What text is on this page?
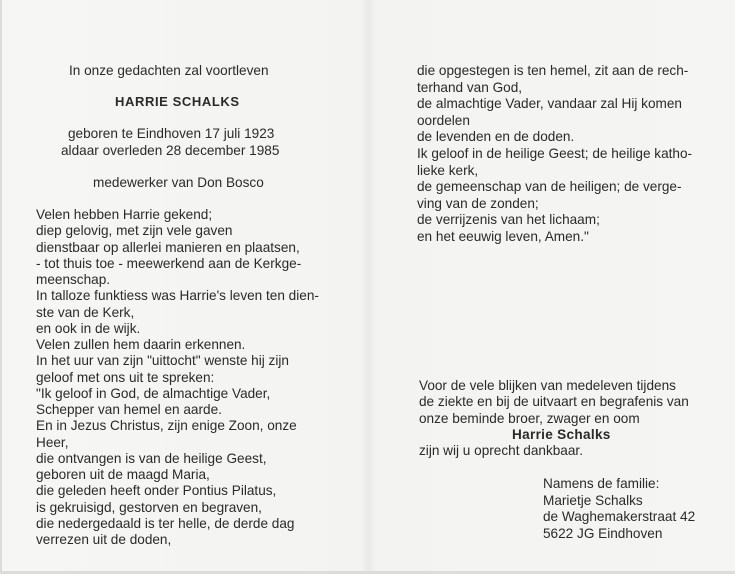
In onze gedachten zal voortleven
HARRIE SCHALKS
geboren te Eindhoven 17 juli 1923
aldaar overleden 28 december 1985
medewerker van Don Bosco
Velen hebben Harrie gekend;
diep gelovig, met zijn vele gaven
dienstbaar op allerlei manieren en plaatsen,
- tot thuis toe - meewerkend aan de Kerkge-
meenschap.
In talloze funktiess was Harrie's leven ten dien-
ste van de Kerk,
en ook in de wijk.
Velen zullen hem daarin erkennen.
In het uur van zijn "uittocht" wenste hij zijn
geloof met ons uit te spreken:
"Ik geloof in God, de almachtige Vader,
Schepper van hemel en aarde.
En in Jezus Christus, zijn enige Zoon, onze
Heer,
die ontvangen is van de heilige Geest,
geboren uit de maagd Maria,
die geleden heeft onder Pontius Pilatus,
is gekruisigd, gestorven en begraven,
die nedergedaald is ter helle, de derde dag
verrezen uit de doden,
die opgestegen is ten hemel, zit aan de rech-
terhand van God,
de almachtige Vader, vandaar zal Hij komen
oordelen
de levenden en de doden.
Ik geloof in de heilige Geest; de heilige katho-
lieke kerk,
de gemeenschap van de heiligen; de verge-
ving van de zonden;
de verrijzenis van het lichaam;
en het eeuwig leven, Amen."
Voor de vele blijken van medeleven tijdens
de ziekte en bij de uitvaart en begrafenis van
onze beminde broer, zwager en oom
Harrie Schalks
zijn wij u oprecht dankbaar.
Namens de familie:
Marietje Schalks
de Waghemakerstraat 42
5622 JG Eindhoven
